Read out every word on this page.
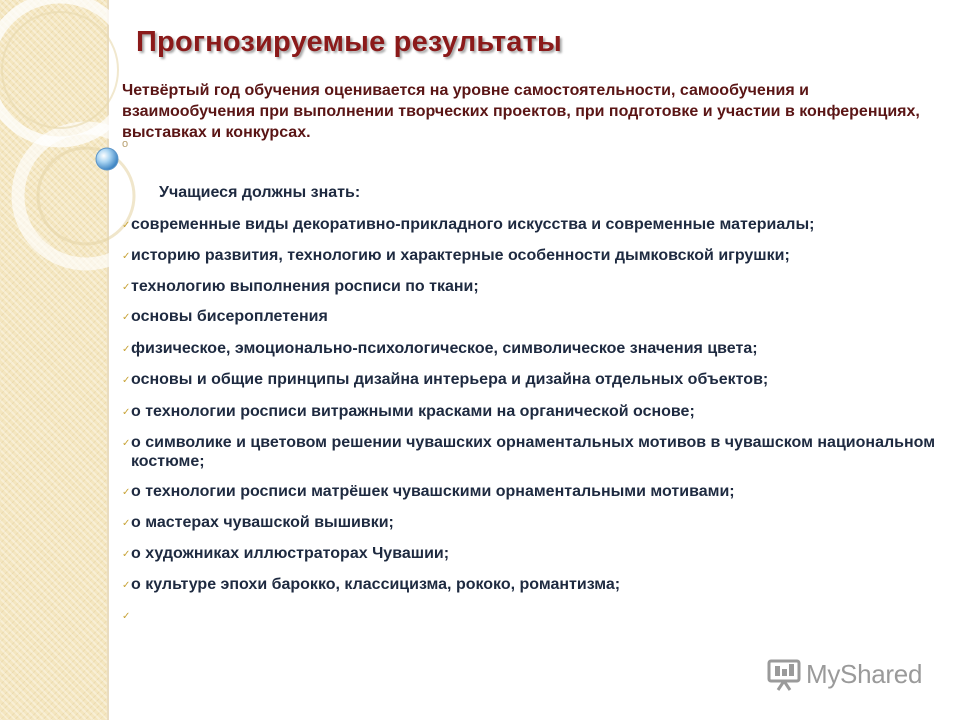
Прогнозируемые результаты

Четвёртый год обучения оценивается на уровне самостоятельности, самообучения и взаимообучения при выполнении творческих проектов, при подготовке и участии в конференциях, выставках и конкурсах.

o

Учащиеся должны знать:

✓ современные виды декоративно-прикладного искусства и современные материалы;
✓ историю развития, технологию и характерные особенности дымковской игрушки;
✓ технологию выполнения росписи по ткани;
✓ основы бисероплетения
✓ физическое, эмоционально-психологическое, символическое значения цвета;
✓ основы и общие принципы дизайна интерьера и дизайна отдельных объектов;
✓ о технологии росписи витражными красками на органической основе;
✓ о символике и цветовом решении чувашских орнаментальных мотивов в чувашском национальном костюме;
✓ о технологии росписи матрёшек чувашскими орнаментальными мотивами;
✓ о мастерах чувашской вышивки;
✓ о художниках иллюстраторах Чувашии;
✓ о культуре эпохи барокко, классицизма, рококо, романтизма;
✓
MyShared
